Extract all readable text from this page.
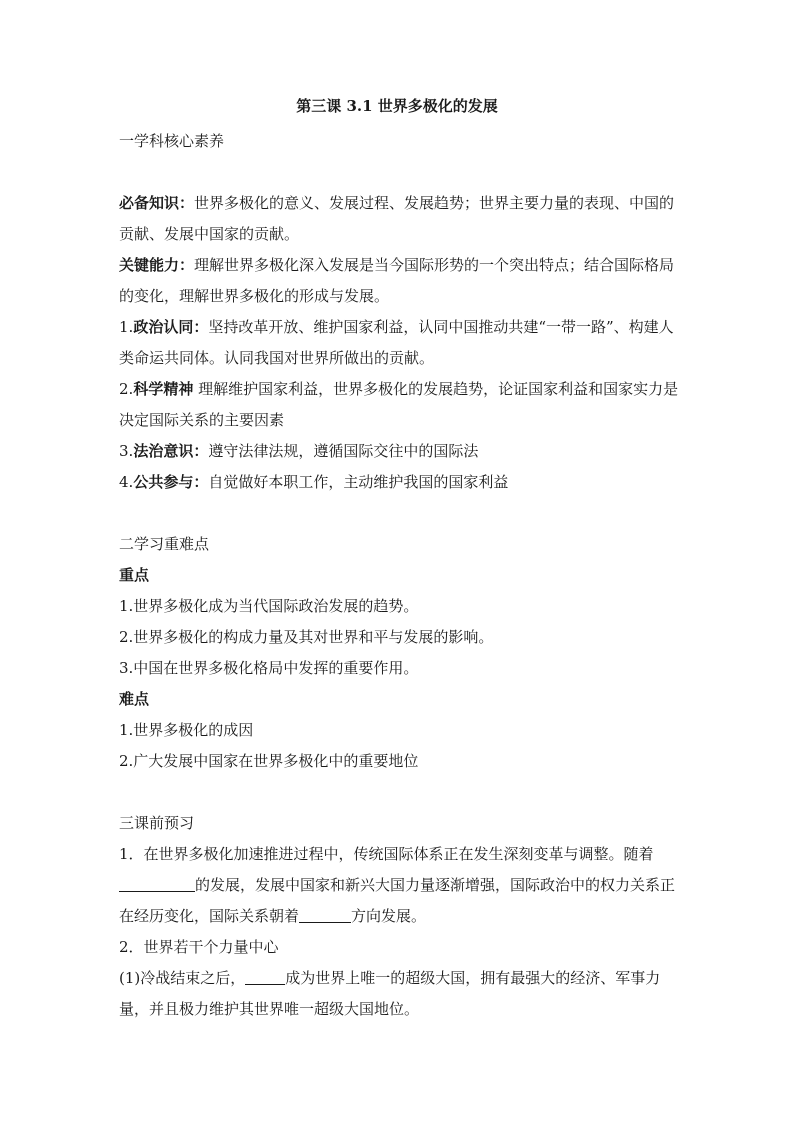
第三课 3.1 世界多极化的发展

一学科核心素养

必备知识：世界多极化的意义、发展过程、发展趋势；世界主要力量的表现、中国的贡献、发展中国家的贡献。

关键能力：理解世界多极化深入发展是当今国际形势的一个突出特点；结合国际格局的变化，理解世界多极化的形成与发展。

1.政治认同：坚持改革开放、维护国家利益，认同中国推动共建“一带一路”、构建人类命运共同体。认同我国对世界所做出的贡献。

2.科学精神 理解维护国家利益，世界多极化的发展趋势，论证国家利益和国家实力是决定国际关系的主要因素

3.法治意识：遵守法律法规，遵循国际交往中的国际法

4.公共参与：自觉做好本职工作，主动维护我国的国家利益

二学习重难点

重点

1.世界多极化成为当代国际政治发展的趋势。

2.世界多极化的构成力量及其对世界和平与发展的影响。

3.中国在世界多极化格局中发挥的重要作用。

难点

1.世界多极化的成因

2.广大发展中国家在世界多极化中的重要地位

三课前预习

1．在世界多极化加速推进过程中，传统国际体系正在发生深刻变革与调整。随着的发展，发展中国家和新兴大国力量逐渐增强，国际政治中的权力关系正在经历变化，国际关系朝着	方向发展。

2．世界若干个力量中心

(1)冷战结束之后，	成为世界上唯一的超级大国，拥有最强大的经济、军事力量，并且极力维护其世界唯一超级大国地位。
